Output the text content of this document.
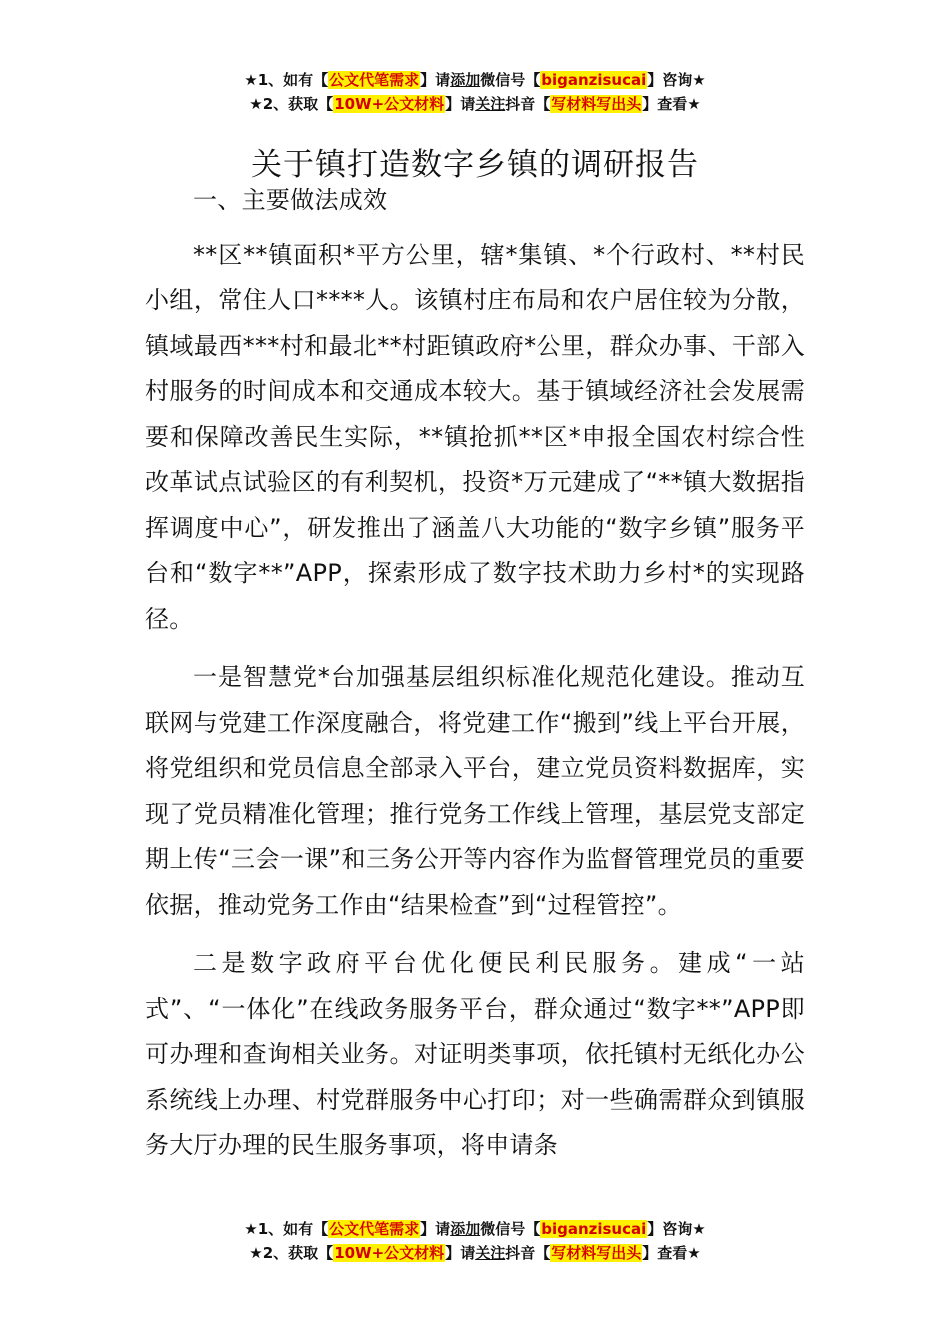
★1、如有【公文代笔需求】请添加微信号【biganzisucai】咨询★
★2、获取【10W+公文材料】请关注抖音【写材料写出头】查看★
关于镇打造数字乡镇的调研报告

一、主要做法成效

**区**镇面积*平方公里，辖*集镇、*个行政村、**村民小组，常住人口****人。该镇村庄布局和农户居住较为分散，镇域最西***村和最北**村距镇政府*公里，群众办事、干部入村服务的时间成本和交通成本较大。基于镇域经济社会发展需要和保障改善民生实际，**镇抢抓**区*申报全国农村综合性改革试点试验区的有利契机，投资*万元建成了“**镇大数据指挥调度中心”，研发推出了涵盖八大功能的“数字乡镇”服务平台和“数字**”APP，探索形成了数字技术助力乡村*的实现路径。

一是智慧党*台加强基层组织标准化规范化建设。推动互联网与党建工作深度融合，将党建工作“搬到”线上平台开展，将党组织和党员信息全部录入平台，建立党员资料数据库，实现了党员精准化管理；推行党务工作线上管理，基层党支部定期上传“三会一课”和三务公开等内容作为监督管理党员的重要依据，推动党务工作由“结果检查”到“过程管控”。

二是数字政府平台优化便民利民服务。建成“一站式”、“一体化”在线政务服务平台，群众通过“数字**”APP即可办理和查询相关业务。对证明类事项，依托镇村无纸化办公系统线上办理、村党群服务中心打印；对一些确需群众到镇服务大厅办理的民生服务事项，将申请条

★1、如有【公文代笔需求】请添加微信号【biganzisucai】咨询★
★2、获取【10W+公文材料】请关注抖音【写材料写出头】查看★
